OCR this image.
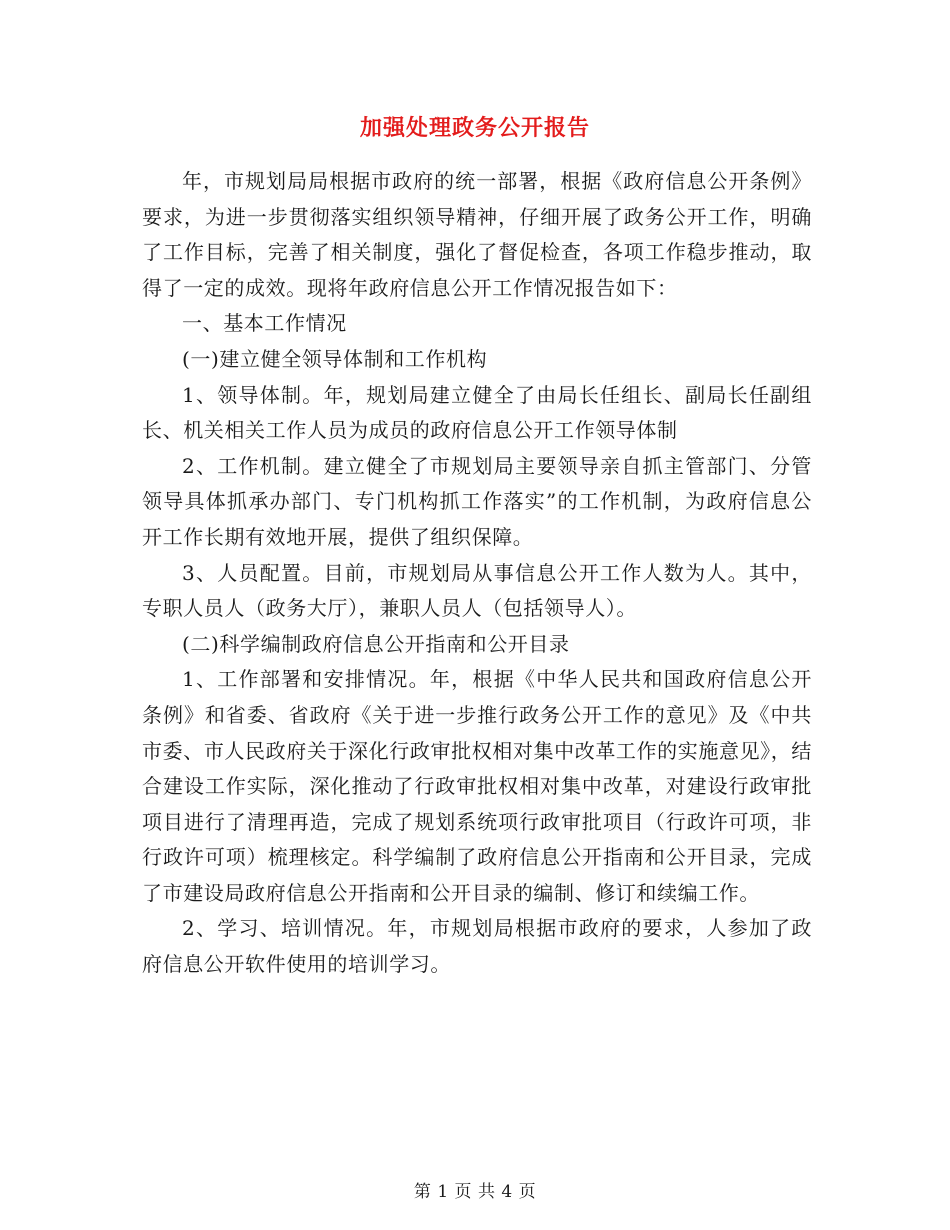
加强处理政务公开报告

年，市规划局局根据市政府的统一部署，根据《政府信息公开条例》要求，为进一步贯彻落实组织领导精神，仔细开展了政务公开工作，明确了工作目标，完善了相关制度，强化了督促检查，各项工作稳步推动，取得了一定的成效。现将年政府信息公开工作情况报告如下：

一、基本工作情况

(一)建立健全领导体制和工作机构

1、领导体制。年，规划局建立健全了由局长任组长、副局长任副组长、机关相关工作人员为成员的政府信息公开工作领导体制

2、工作机制。建立健全了市规划局主要领导亲自抓主管部门、分管领导具体抓承办部门、专门机构抓工作落实”的工作机制，为政府信息公开工作长期有效地开展，提供了组织保障。

3、人员配置。目前，市规划局从事信息公开工作人数为人。其中，专职人员人（政务大厅），兼职人员人（包括领导人）。

(二)科学编制政府信息公开指南和公开目录

1、工作部署和安排情况。年，根据《中华人民共和国政府信息公开条例》和省委、省政府《关于进一步推行政务公开工作的意见》及《中共市委、市人民政府关于深化行政审批权相对集中改革工作的实施意见》，结合建设工作实际，深化推动了行政审批权相对集中改革，对建设行政审批项目进行了清理再造，完成了规划系统项行政审批项目（行政许可项，非行政许可项）梳理核定。科学编制了政府信息公开指南和公开目录，完成了市建设局政府信息公开指南和公开目录的编制、修订和续编工作。

2、学习、培训情况。年，市规划局根据市政府的要求，人参加了政府信息公开软件使用的培训学习。

第 1 页 共 4 页
